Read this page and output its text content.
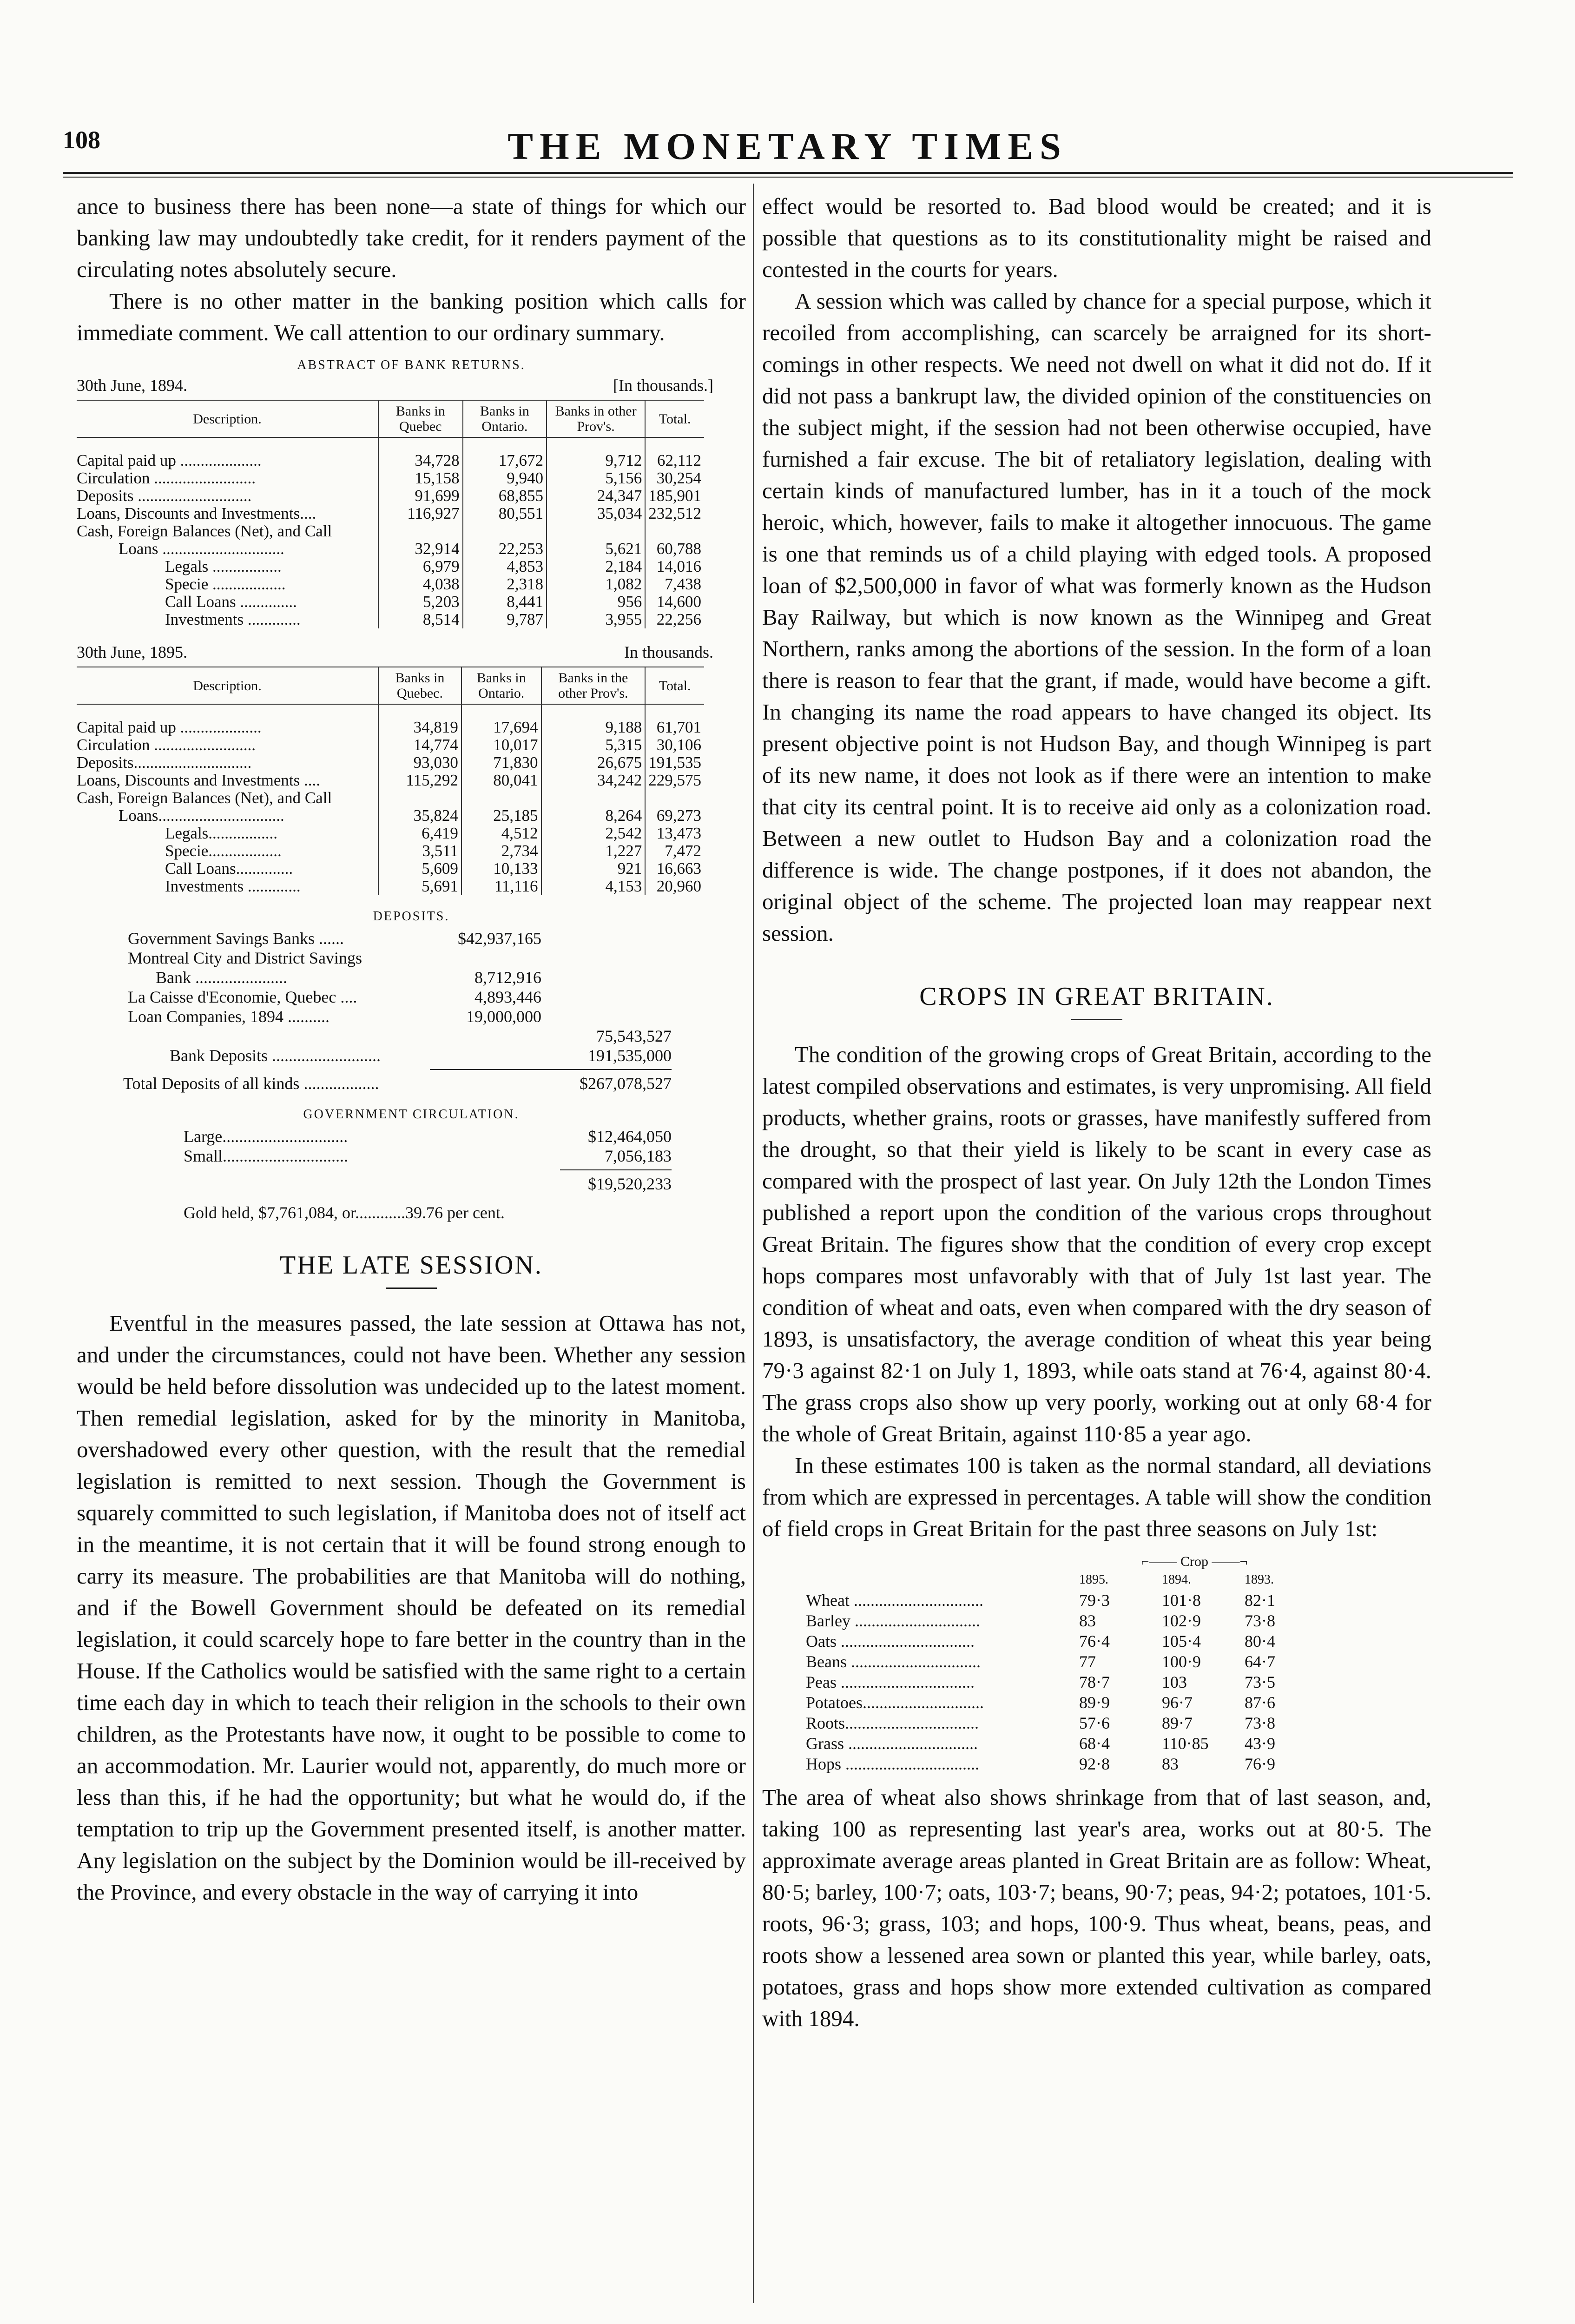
108	THE MONETARY TIMES

ance to business there has been none—a state of things for which our banking law may undoubtedly take credit, for it renders payment of the circulating notes absolutely secure.

There is no other matter in the banking position which calls for immediate comment. We call attention to our ordinary summary.

ABSTRACT OF BANK RETURNS.
30th June, 1894.	[In thousands.]
Description.	Banks in Quebec	Banks in Ontario.	Banks in other Prov's.	Total.

Capital paid up ....................	34,728	17,672	9,712	62,112
Circulation .........................	15,158	9,940	5,156	30,254
Deposits ............................	91,699	68,855	24,347	185,901
Loans, Discounts and Investments....	116,927	80,551	35,034	232,512
Cash, Foreign Balances (Net), and Call				
Loans ..............................	32,914	22,253	5,621	60,788
Legals .................	6,979	4,853	2,184	14,016
Specie ..................	4,038	2,318	1,082	7,438
Call Loans ..............	5,203	8,441	956	14,600
Investments .............	8,514	9,787	3,955	22,256
30th June, 1895.	In thousands.
Description.	Banks in Quebec.	Banks in Ontario.	Banks in the other Prov's.	Total.

Capital paid up ....................	34,819	17,694	9,188	61,701
Circulation .........................	14,774	10,017	5,315	30,106
Deposits.............................	93,030	71,830	26,675	191,535
Loans, Discounts and Investments ....	115,292	80,041	34,242	229,575
Cash, Foreign Balances (Net), and Call				
Loans...............................	35,824	25,185	8,264	69,273
Legals.................	6,419	4,512	2,542	13,473
Specie..................	3,511	2,734	1,227	7,472
Call Loans..............	5,609	10,133	921	16,663
Investments .............	5,691	11,116	4,153	20,960
DEPOSITS.
Government Savings Banks ......	$42,937,165
Montreal City and District Savings
Bank ......................	8,712,916
La Caisse d'Economie, Quebec ....	4,893,446
Loan Companies, 1894 ..........	19,000,000
75,543,527
Bank Deposits ..........................	191,535,000
Total Deposits of all kinds ..................	$267,078,527
GOVERNMENT CIRCULATION.
Large..............................	$12,464,050
Small..............................	7,056,183
$19,520,233
Gold held, $7,761,084, or............39.76 per cent.
THE LATE SESSION.

Eventful in the measures passed, the late session at Ottawa has not, and under the circumstances, could not have been. Whether any session would be held before dissolution was undecided up to the latest moment. Then remedial legislation, asked for by the minority in Manitoba, overshadowed every other question, with the result that the remedial legislation is remitted to next session. Though the Government is squarely committed to such legislation, if Manitoba does not of itself act in the meantime, it is not certain that it will be found strong enough to carry its measure. The probabilities are that Manitoba will do nothing, and if the Bowell Government should be defeated on its remedial legislation, it could scarcely hope to fare better in the country than in the House. If the Catholics would be satisfied with the same right to a certain time each day in which to teach their religion in the schools to their own children, as the Protestants have now, it ought to be possible to come to an accommodation. Mr. Laurier would not, apparently, do much more or less than this, if he had the opportunity; but what he would do, if the temptation to trip up the Government presented itself, is another matter. Any legislation on the subject by the Dominion would be ill-received by the Province, and every obstacle in the way of carrying it into

effect would be resorted to. Bad blood would be created; and it is possible that questions as to its constitutionality might be raised and contested in the courts for years.

A session which was called by chance for a special purpose, which it recoiled from accomplishing, can scarcely be arraigned for its short-comings in other respects. We need not dwell on what it did not do. If it did not pass a bankrupt law, the divided opinion of the constituencies on the subject might, if the session had not been otherwise occupied, have furnished a fair excuse. The bit of retaliatory legislation, dealing with certain kinds of manufactured lumber, has in it a touch of the mock heroic, which, however, fails to make it altogether innocuous. The game is one that reminds us of a child playing with edged tools. A proposed loan of $2,500,000 in favor of what was formerly known as the Hudson Bay Railway, but which is now known as the Winnipeg and Great Northern, ranks among the abortions of the session. In the form of a loan there is reason to fear that the grant, if made, would have become a gift. In changing its name the road appears to have changed its object. Its present objective point is not Hudson Bay, and though Winnipeg is part of its new name, it does not look as if there were an intention to make that city its central point. It is to receive aid only as a colonization road. Between a new outlet to Hudson Bay and a colonization road the difference is wide. The change postpones, if it does not abandon, the original object of the scheme. The projected loan may reappear next session.

CROPS IN GREAT BRITAIN.

The condition of the growing crops of Great Britain, according to the latest compiled observations and estimates, is very unpromising. All field products, whether grains, roots or grasses, have manifestly suffered from the drought, so that their yield is likely to be scant in every case as compared with the prospect of last year. On July 12th the London Times published a report upon the condition of the various crops throughout Great Britain. The figures show that the condition of every crop except hops compares most unfavorably with that of July 1st last year. The condition of wheat and oats, even when compared with the dry season of 1893, is unsatisfactory, the average condition of wheat this year being 79·3 against 82·1 on July 1, 1893, while oats stand at 76·4, against 80·4. The grass crops also show up very poorly, working out at only 68·4 for the whole of Great Britain, against 110·85 a year ago.

In these estimates 100 is taken as the normal standard, all deviations from which are expressed in percentages. A table will show the condition of field crops in Great Britain for the past three seasons on July 1st:

⌐—— Crop ——¬
	1895.	1894.	1893.
Wheat ...............................	79·3	101·8	82·1
Barley ..............................	83	102·9	73·8
Oats ................................	76·4	105·4	80·4
Beans ...............................	77	100·9	64·7
Peas ................................	78·7	103	73·5
Potatoes.............................	89·9	96·7	87·6
Roots................................	57·6	89·7	73·8
Grass ...............................	68·4	110·85	43·9
Hops ................................	92·8	83	76·9

The area of wheat also shows shrinkage from that of last season, and, taking 100 as representing last year's area, works out at 80·5. The approximate average areas planted in Great Britain are as follow: Wheat, 80·5; barley, 100·7; oats, 103·7; beans, 90·7; peas, 94·2; potatoes, 101·5. roots, 96·3; grass, 103; and hops, 100·9. Thus wheat, beans, peas, and roots show a lessened area sown or planted this year, while barley, oats, potatoes, grass and hops show more extended cultivation as compared with 1894.
